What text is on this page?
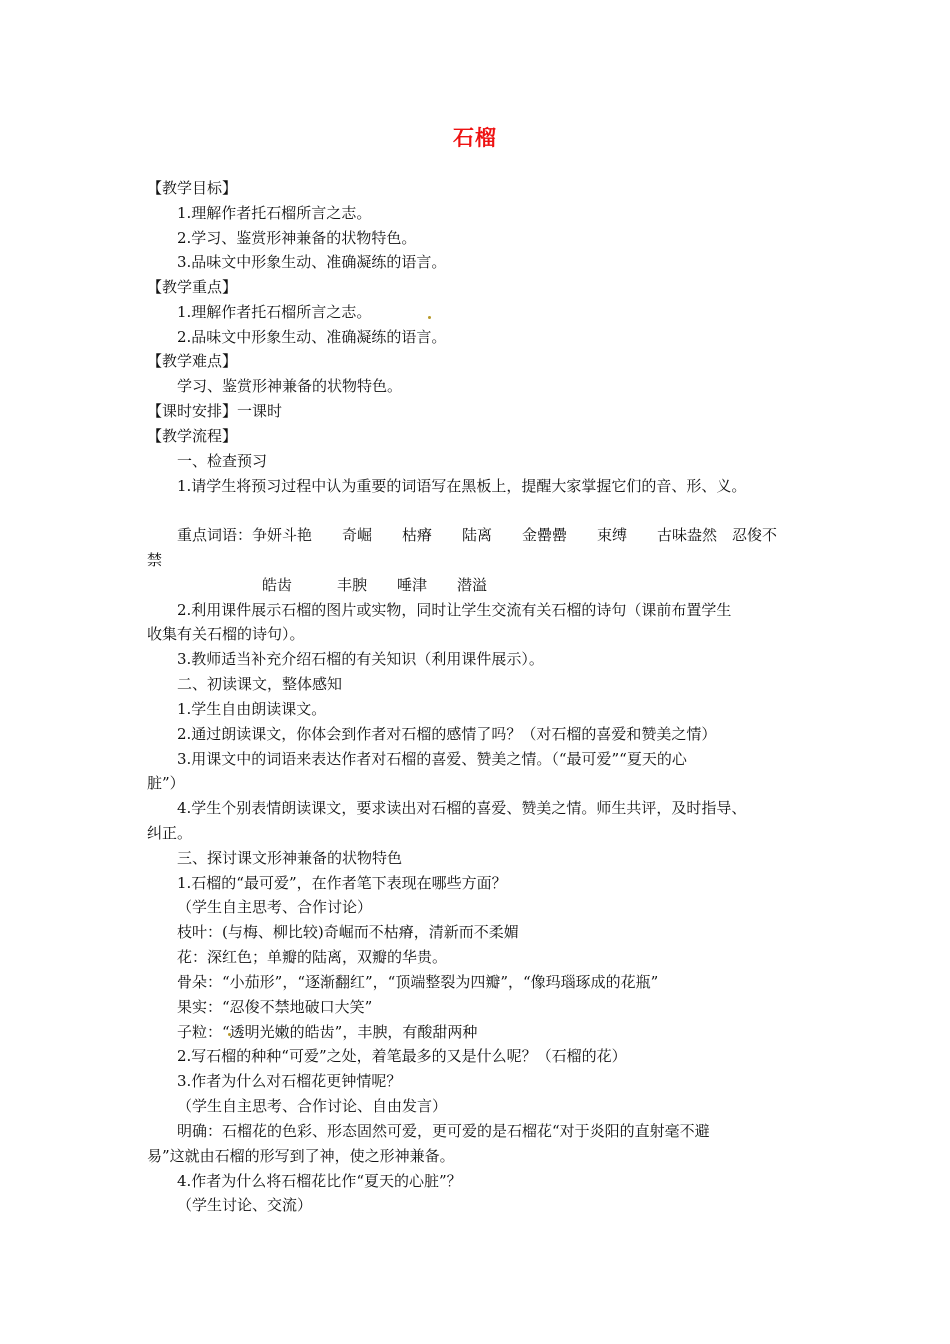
石榴
【教学目标】
1.理解作者托石榴所言之志。
2.学习、鉴赏形神兼备的状物特色。
3.品味文中形象生动、准确凝练的语言。
【教学重点】
1.理解作者托石榴所言之志。
2.品味文中形象生动、准确凝练的语言。
【教学难点】
学习、鉴赏形神兼备的状物特色。
【课时安排】一课时
【教学流程】
一、检查预习
1.请学生将预习过程中认为重要的词语写在黑板上，提醒大家掌握它们的音、形、义。
重点词语：争妍斗艳　　奇崛　　枯瘠　　陆离　　金罍罍　　束缚　　古味盎然　忍俊不
禁
皓齿　　　丰腴　　唾津　　潜溢
2.利用课件展示石榴的图片或实物，同时让学生交流有关石榴的诗句（课前布置学生
收集有关石榴的诗句）。
3.教师适当补充介绍石榴的有关知识（利用课件展示）。
二、初读课文，整体感知
1.学生自由朗读课文。
2.通过朗读课文，你体会到作者对石榴的感情了吗？（对石榴的喜爱和赞美之情）
3.用课文中的词语来表达作者对石榴的喜爱、赞美之情。（“最可爱”“夏天的心
脏”）
4.学生个别表情朗读课文，要求读出对石榴的喜爱、赞美之情。师生共评，及时指导、
纠正。
三、探讨课文形神兼备的状物特色
1.石榴的“最可爱”，在作者笔下表现在哪些方面？
（学生自主思考、合作讨论）
枝叶：(与梅、柳比较)奇崛而不枯瘠，清新而不柔媚
花：深红色；单瓣的陆离，双瓣的华贵。
骨朵：“小茄形”，“逐渐翻红”，“顶端整裂为四瓣”，“像玛瑙琢成的花瓶”
果实：“忍俊不禁地破口大笑”
子粒：“透明光嫩的皓齿”，丰腴，有酸甜两种
2.写石榴的种种“可爱”之处，着笔最多的又是什么呢？（石榴的花）
3.作者为什么对石榴花更钟情呢？
（学生自主思考、合作讨论、自由发言）
明确：石榴花的色彩、形态固然可爱，更可爱的是石榴花“对于炎阳的直射毫不避
易”这就由石榴的形写到了神，使之形神兼备。
4.作者为什么将石榴花比作“夏天的心脏”？
（学生讨论、交流）
